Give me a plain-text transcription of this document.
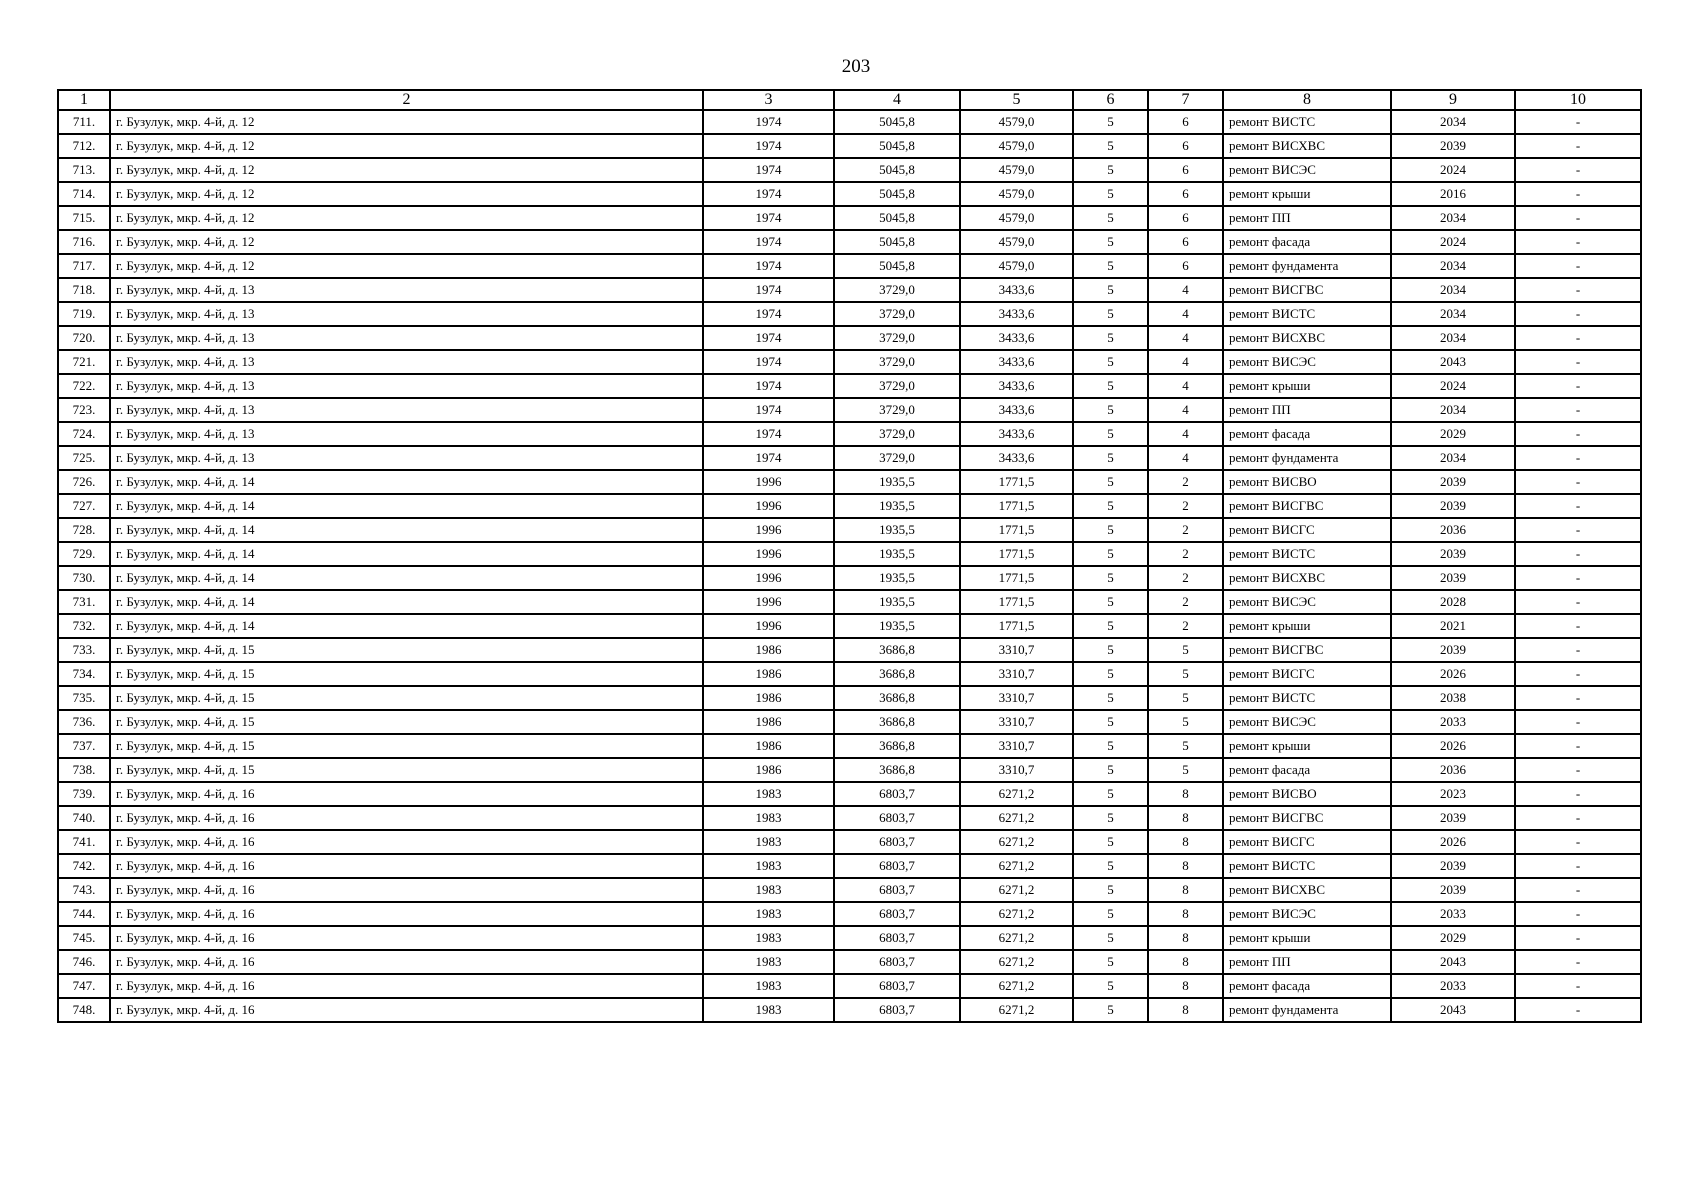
203
1	2	3	4	5	6	7	8	9	10
711.	г. Бузулук, мкр. 4-й, д. 12	1974	5045,8	4579,0	5	6	ремонт ВИСТС	2034	-
712.	г. Бузулук, мкр. 4-й, д. 12	1974	5045,8	4579,0	5	6	ремонт ВИСХВС	2039	-
713.	г. Бузулук, мкр. 4-й, д. 12	1974	5045,8	4579,0	5	6	ремонт ВИСЭС	2024	-
714.	г. Бузулук, мкр. 4-й, д. 12	1974	5045,8	4579,0	5	6	ремонт крыши	2016	-
715.	г. Бузулук, мкр. 4-й, д. 12	1974	5045,8	4579,0	5	6	ремонт ПП	2034	-
716.	г. Бузулук, мкр. 4-й, д. 12	1974	5045,8	4579,0	5	6	ремонт фасада	2024	-
717.	г. Бузулук, мкр. 4-й, д. 12	1974	5045,8	4579,0	5	6	ремонт фундамента	2034	-
718.	г. Бузулук, мкр. 4-й, д. 13	1974	3729,0	3433,6	5	4	ремонт ВИСГВС	2034	-
719.	г. Бузулук, мкр. 4-й, д. 13	1974	3729,0	3433,6	5	4	ремонт ВИСТС	2034	-
720.	г. Бузулук, мкр. 4-й, д. 13	1974	3729,0	3433,6	5	4	ремонт ВИСХВС	2034	-
721.	г. Бузулук, мкр. 4-й, д. 13	1974	3729,0	3433,6	5	4	ремонт ВИСЭС	2043	-
722.	г. Бузулук, мкр. 4-й, д. 13	1974	3729,0	3433,6	5	4	ремонт крыши	2024	-
723.	г. Бузулук, мкр. 4-й, д. 13	1974	3729,0	3433,6	5	4	ремонт ПП	2034	-
724.	г. Бузулук, мкр. 4-й, д. 13	1974	3729,0	3433,6	5	4	ремонт фасада	2029	-
725.	г. Бузулук, мкр. 4-й, д. 13	1974	3729,0	3433,6	5	4	ремонт фундамента	2034	-
726.	г. Бузулук, мкр. 4-й, д. 14	1996	1935,5	1771,5	5	2	ремонт ВИСВО	2039	-
727.	г. Бузулук, мкр. 4-й, д. 14	1996	1935,5	1771,5	5	2	ремонт ВИСГВС	2039	-
728.	г. Бузулук, мкр. 4-й, д. 14	1996	1935,5	1771,5	5	2	ремонт ВИСГС	2036	-
729.	г. Бузулук, мкр. 4-й, д. 14	1996	1935,5	1771,5	5	2	ремонт ВИСТС	2039	-
730.	г. Бузулук, мкр. 4-й, д. 14	1996	1935,5	1771,5	5	2	ремонт ВИСХВС	2039	-
731.	г. Бузулук, мкр. 4-й, д. 14	1996	1935,5	1771,5	5	2	ремонт ВИСЭС	2028	-
732.	г. Бузулук, мкр. 4-й, д. 14	1996	1935,5	1771,5	5	2	ремонт крыши	2021	-
733.	г. Бузулук, мкр. 4-й, д. 15	1986	3686,8	3310,7	5	5	ремонт ВИСГВС	2039	-
734.	г. Бузулук, мкр. 4-й, д. 15	1986	3686,8	3310,7	5	5	ремонт ВИСГС	2026	-
735.	г. Бузулук, мкр. 4-й, д. 15	1986	3686,8	3310,7	5	5	ремонт ВИСТС	2038	-
736.	г. Бузулук, мкр. 4-й, д. 15	1986	3686,8	3310,7	5	5	ремонт ВИСЭС	2033	-
737.	г. Бузулук, мкр. 4-й, д. 15	1986	3686,8	3310,7	5	5	ремонт крыши	2026	-
738.	г. Бузулук, мкр. 4-й, д. 15	1986	3686,8	3310,7	5	5	ремонт фасада	2036	-
739.	г. Бузулук, мкр. 4-й, д. 16	1983	6803,7	6271,2	5	8	ремонт ВИСВО	2023	-
740.	г. Бузулук, мкр. 4-й, д. 16	1983	6803,7	6271,2	5	8	ремонт ВИСГВС	2039	-
741.	г. Бузулук, мкр. 4-й, д. 16	1983	6803,7	6271,2	5	8	ремонт ВИСГС	2026	-
742.	г. Бузулук, мкр. 4-й, д. 16	1983	6803,7	6271,2	5	8	ремонт ВИСТС	2039	-
743.	г. Бузулук, мкр. 4-й, д. 16	1983	6803,7	6271,2	5	8	ремонт ВИСХВС	2039	-
744.	г. Бузулук, мкр. 4-й, д. 16	1983	6803,7	6271,2	5	8	ремонт ВИСЭС	2033	-
745.	г. Бузулук, мкр. 4-й, д. 16	1983	6803,7	6271,2	5	8	ремонт крыши	2029	-
746.	г. Бузулук, мкр. 4-й, д. 16	1983	6803,7	6271,2	5	8	ремонт ПП	2043	-
747.	г. Бузулук, мкр. 4-й, д. 16	1983	6803,7	6271,2	5	8	ремонт фасада	2033	-
748.	г. Бузулук, мкр. 4-й, д. 16	1983	6803,7	6271,2	5	8	ремонт фундамента	2043	-
